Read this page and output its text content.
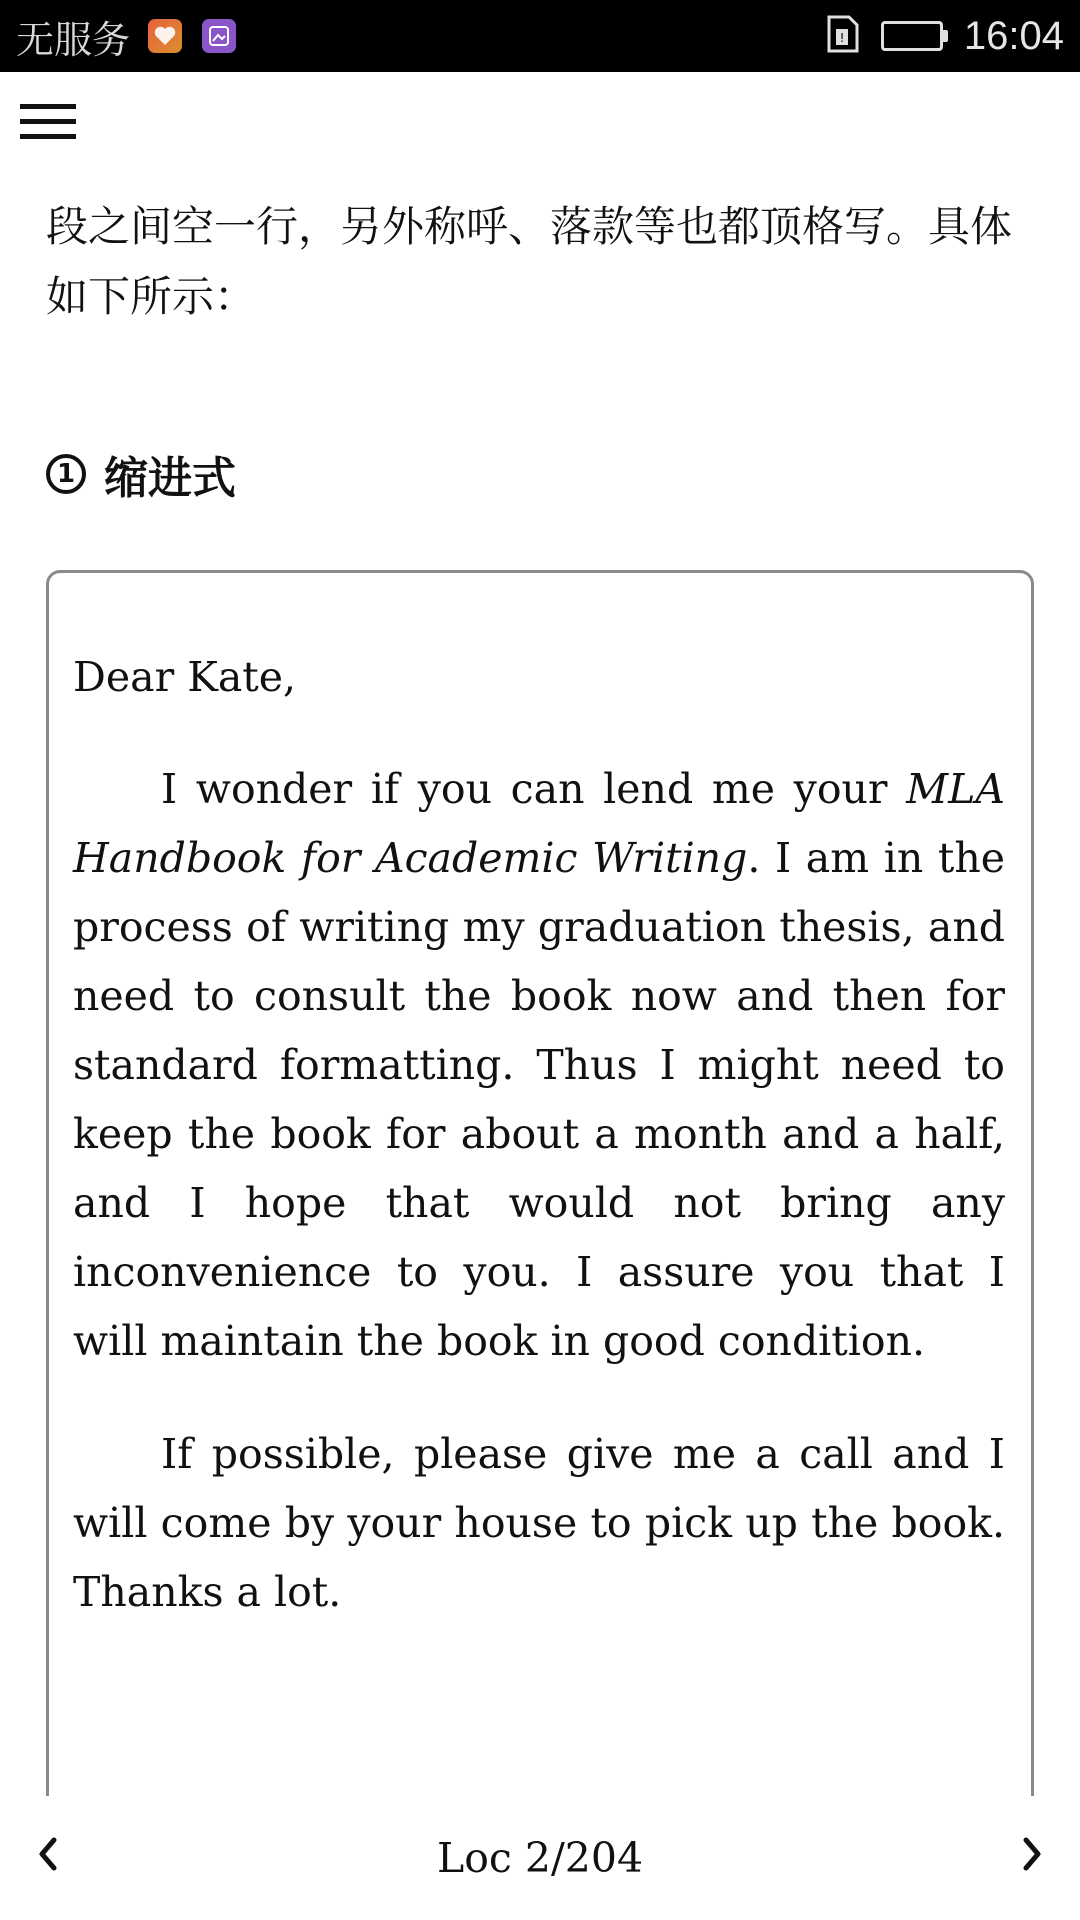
无服务	!	16:04

段之间空一行，另外称呼、落款等也都顶格写。具体如下所示：

1 缩进式

Dear Kate,

I wonder if you can lend me your MLA Handbook for Academic Writing. I am in the process of writing my graduation thesis, and need to consult the book now and then for standard formatting. Thus I might need to keep the book for about a month and a half, and I hope that would not bring any inconvenience to you. I assure you that I will maintain the book in good condition.

If possible, please give me a call and I will come by your house to pick up the book. Thanks a lot.

Loc 2/204
